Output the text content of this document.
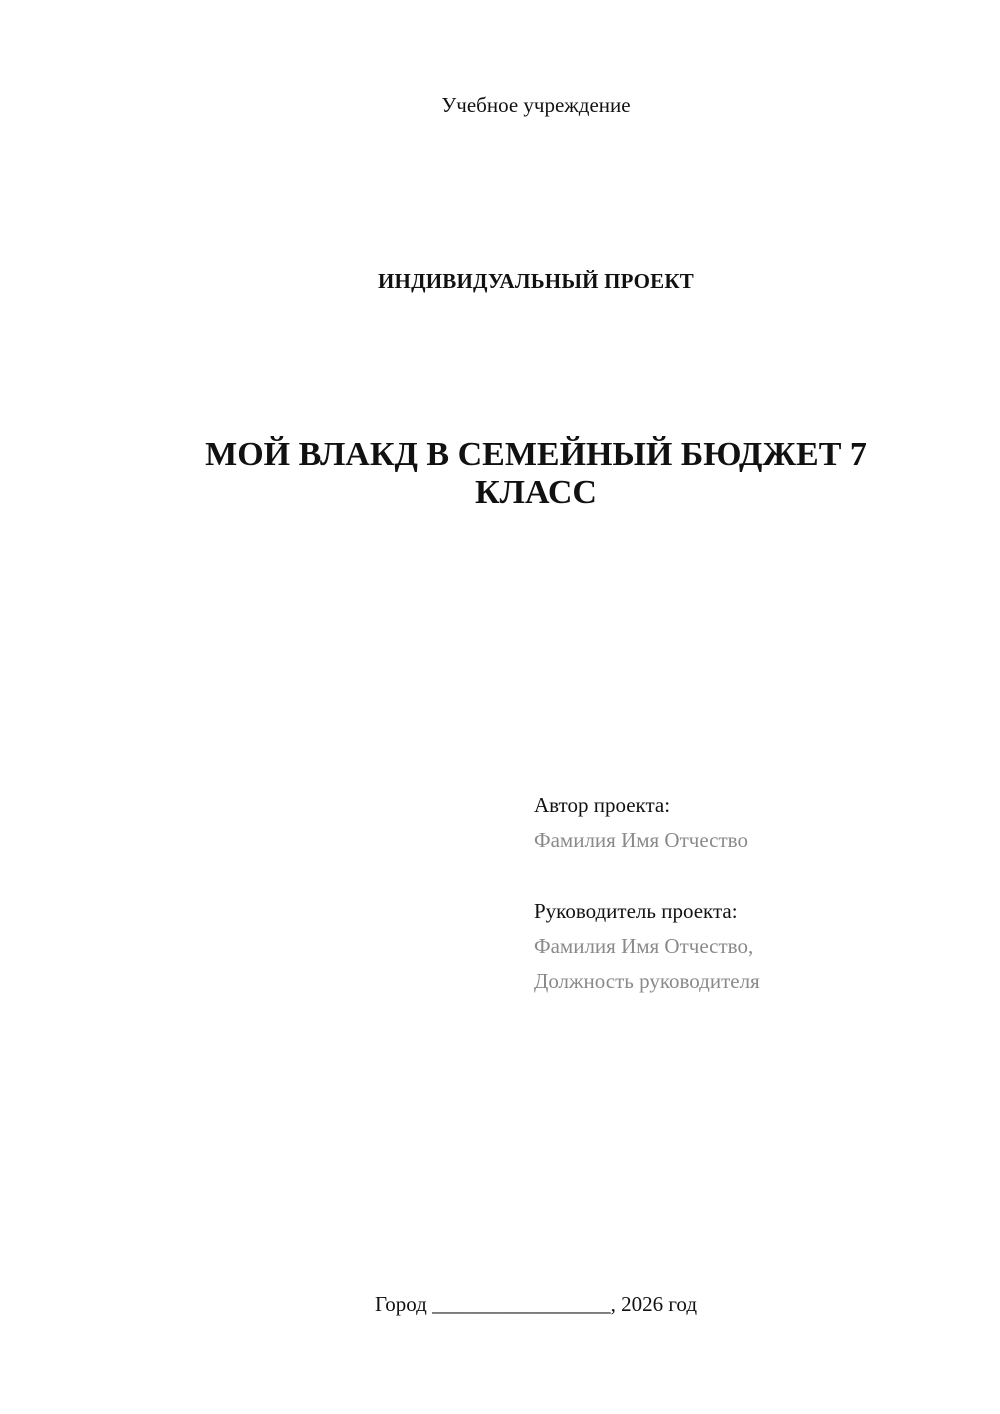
Учебное учреждение
ИНДИВИДУАЛЬНЫЙ ПРОЕКТ
МОЙ ВЛАКД В СЕМЕЙНЫЙ БЮДЖЕТ 7
КЛАСС
Автор проекта:
Фамилия Имя Отчество
Руководитель проекта:
Фамилия Имя Отчество,
Должность руководителя
Город _________________, 2026 год
